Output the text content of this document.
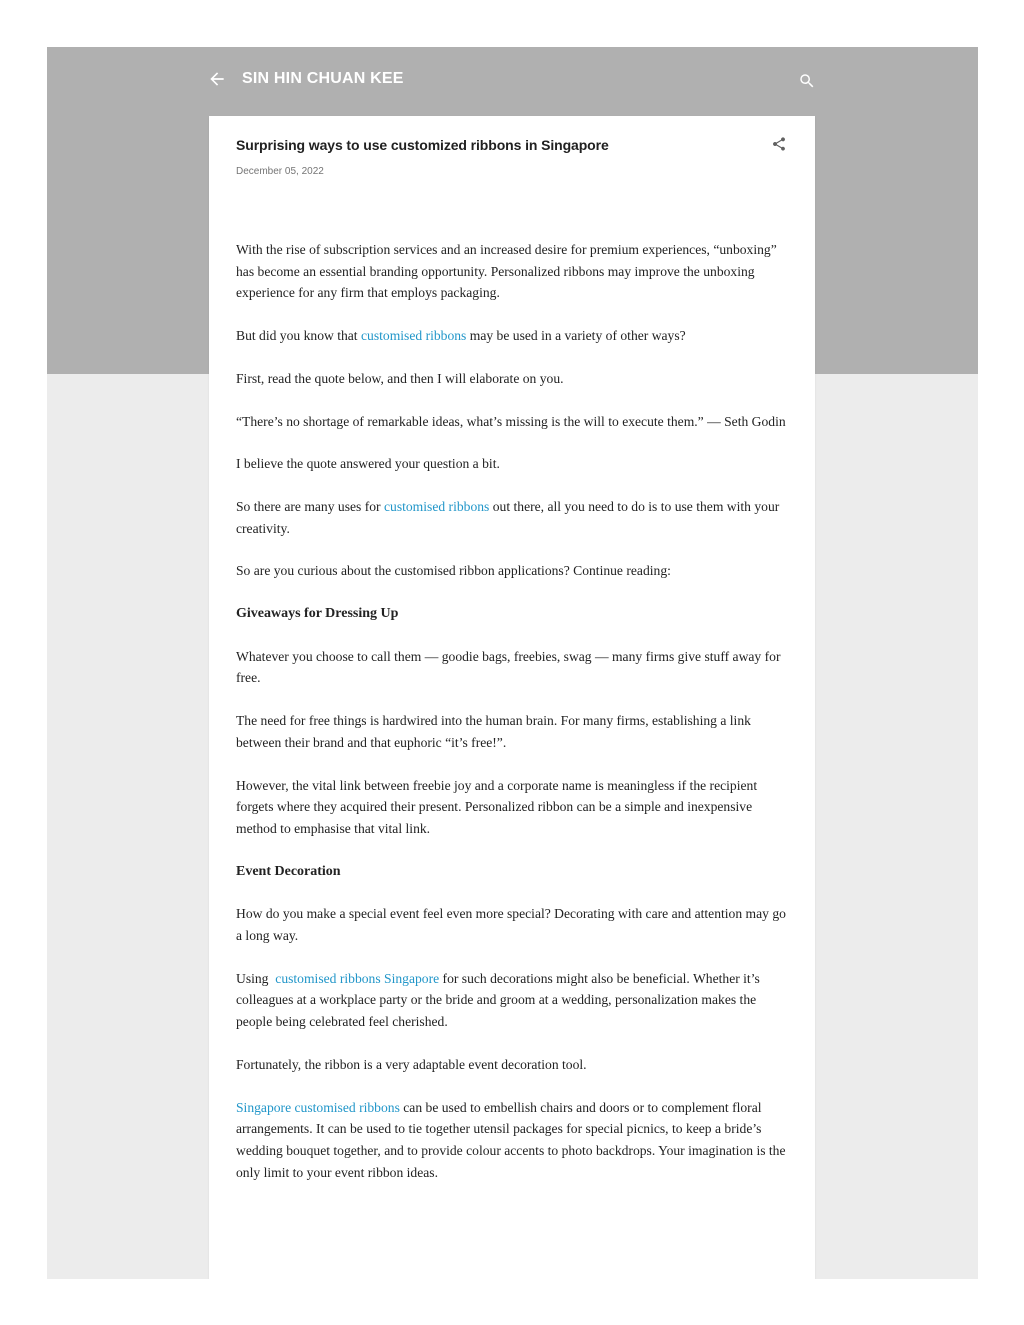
SIN HIN CHUAN KEE
Surprising ways to use customized ribbons in Singapore
December 05, 2022

With the rise of subscription services and an increased desire for premium experiences, “unboxing” has become an essential branding opportunity. Personalized ribbons may improve the unboxing experience for any firm that employs packaging.

But did you know that customised ribbons may be used in a variety of other ways?

First, read the quote below, and then I will elaborate on you.

“There’s no shortage of remarkable ideas, what’s missing is the will to execute them.” — Seth Godin

I believe the quote answered your question a bit.

So there are many uses for customised ribbons out there, all you need to do is to use them with your creativity.

So are you curious about the customised ribbon applications? Continue reading:

Giveaways for Dressing Up

Whatever you choose to call them — goodie bags, freebies, swag — many firms give stuff away for free.

The need for free things is hardwired into the human brain. For many firms, establishing a link between their brand and that euphoric “it’s free!”.

However, the vital link between freebie joy and a corporate name is meaningless if the recipient forgets where they acquired their present. Personalized ribbon can be a simple and inexpensive method to emphasise that vital link.

Event Decoration

How do you make a special event feel even more special? Decorating with care and attention may go a long way.

Using  customised ribbons Singapore for such decorations might also be beneficial. Whether it’s colleagues at a workplace party or the bride and groom at a wedding, personalization makes the people being celebrated feel cherished.

Fortunately, the ribbon is a very adaptable event decoration tool.

Singapore customised ribbons can be used to embellish chairs and doors or to complement floral arrangements. It can be used to tie together utensil packages for special picnics, to keep a bride’s wedding bouquet together, and to provide colour accents to photo backdrops. Your imagination is the only limit to your event ribbon ideas.
